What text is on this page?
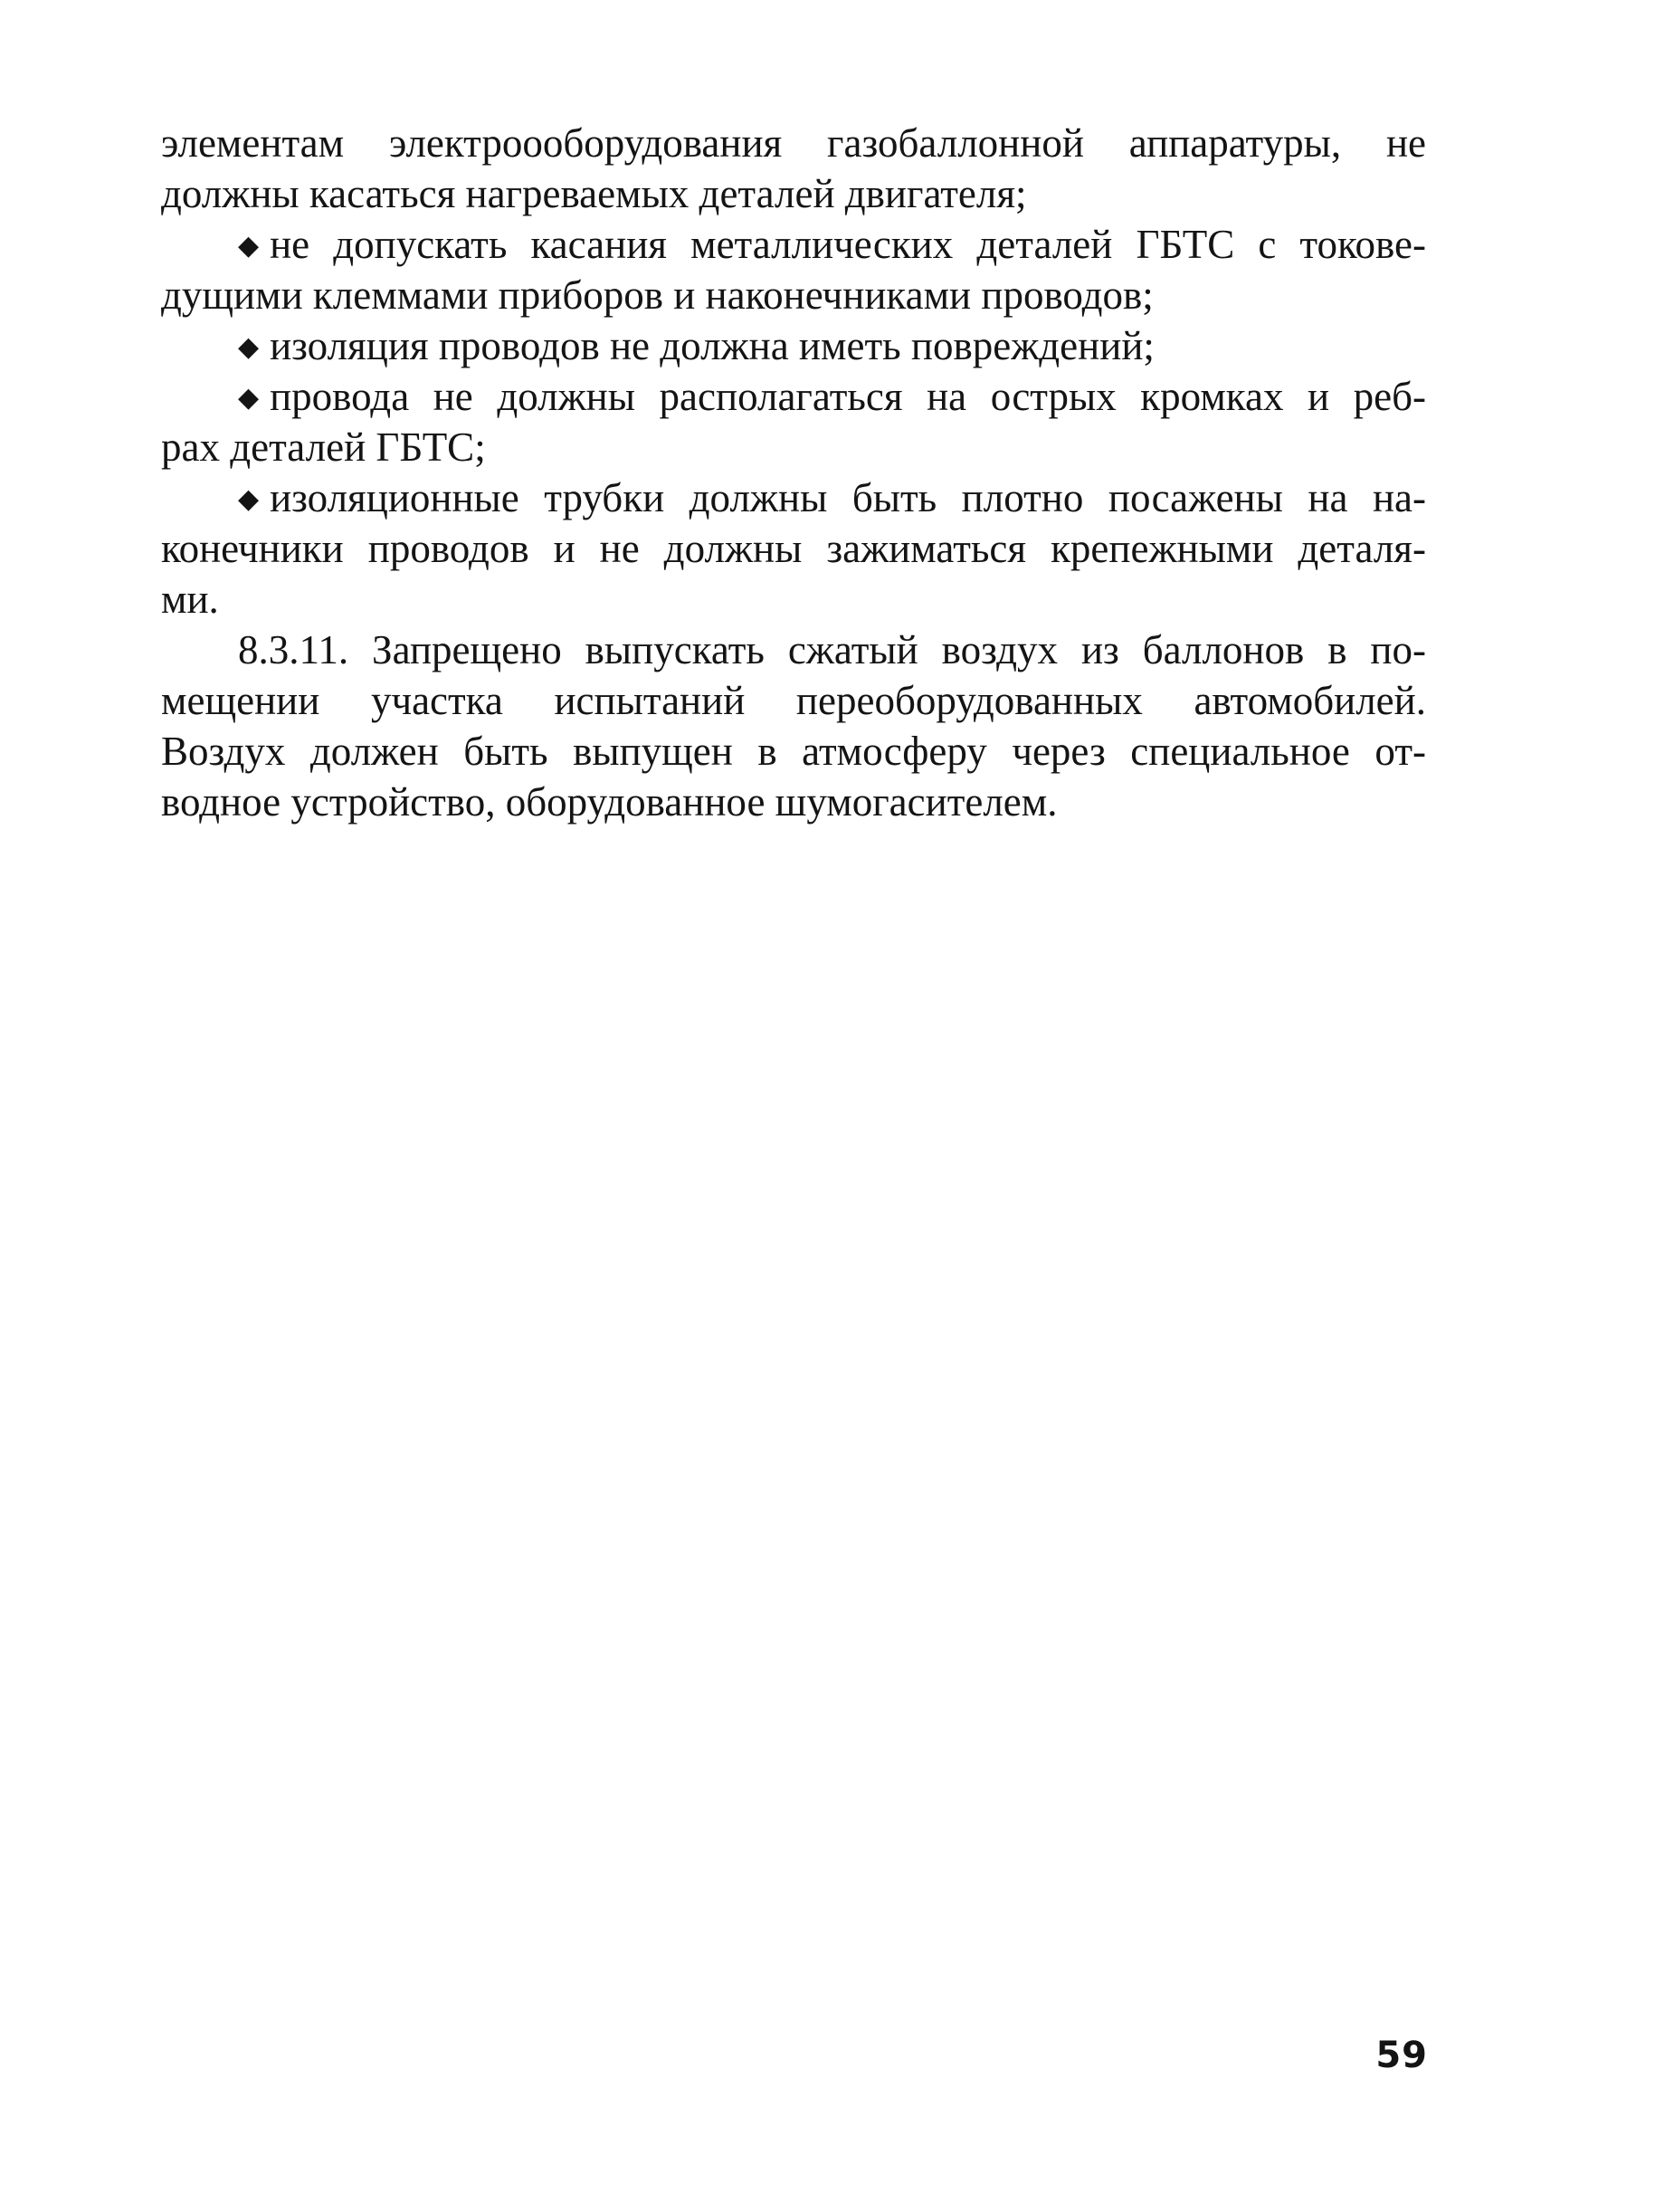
элементам электроооборудования газобаллонной аппаратуры, не
должны касаться нагреваемых деталей двигателя;
◆ не допускать касания металлических деталей ГБТС с токове-
дущими клеммами приборов и наконечниками проводов;
◆ изоляция проводов не должна иметь повреждений;
◆ провода не должны располагаться на острых кромках и реб-
рах деталей ГБТС;
◆ изоляционные трубки должны быть плотно посажены на на-
конечники проводов и не должны зажиматься крепежными деталя-
ми.
8.3.11. Запрещено выпускать сжатый воздух из баллонов в по-
мещении участка испытаний переоборудованных автомобилей.
Воздух должен быть выпущен в атмосферу через специальное от-
водное устройство, оборудованное шумогасителем.
59
